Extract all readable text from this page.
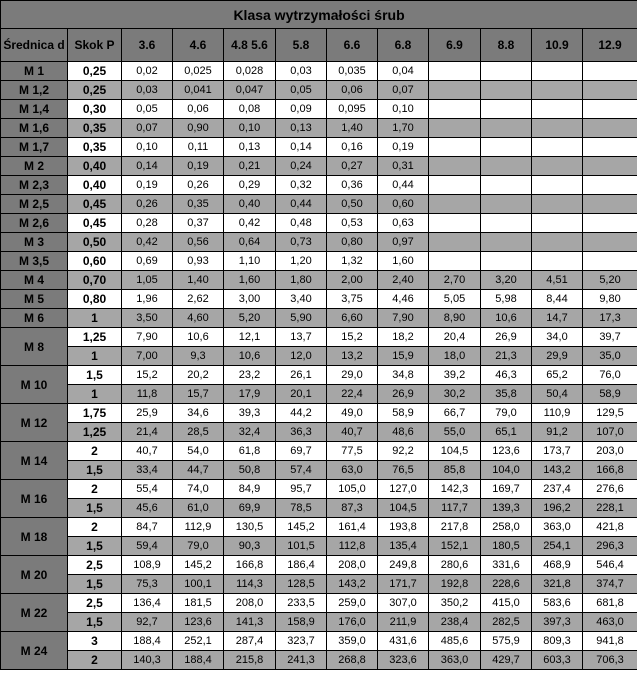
Klasa wytrzymałości śrub											
Średnica d	Skok P	3.6	4.6	4.8 5.6	5.8	6.6	6.8	6.9	8.8	10.9	12.9
M 1	0,25	0,02	0,025	0,028	0,03	0,035	0,04				
M 1,2	0,25	0,03	0,041	0,047	0,05	0,06	0,07				
M 1,4	0,30	0,05	0,06	0,08	0,09	0,095	0,10				
M 1,6	0,35	0,07	0,90	0,10	0,13	1,40	1,70				
M 1,7	0,35	0,10	0,11	0,13	0,14	0,16	0,19				
M 2	0,40	0,14	0,19	0,21	0,24	0,27	0,31				
M 2,3	0,40	0,19	0,26	0,29	0,32	0,36	0,44				
M 2,5	0,45	0,26	0,35	0,40	0,44	0,50	0,60				
M 2,6	0,45	0,28	0,37	0,42	0,48	0,53	0,63				
M 3	0,50	0,42	0,56	0,64	0,73	0,80	0,97				
M 3,5	0,60	0,69	0,93	1,10	1,20	1,32	1,60				
M 4	0,70	1,05	1,40	1,60	1,80	2,00	2,40	2,70	3,20	4,51	5,20
M 5	0,80	1,96	2,62	3,00	3,40	3,75	4,46	5,05	5,98	8,44	9,80
M 6	1	3,50	4,60	5,20	5,90	6,60	7,90	8,90	10,6	14,7	17,3
M 8	1,25	7,90	10,6	12,1	13,7	15,2	18,2	20,4	26,9	34,0	39,7
	1	7,00	9,3	10,6	12,0	13,2	15,9	18,0	21,3	29,9	35,0
M 10	1,5	15,2	20,2	23,2	26,1	29,0	34,8	39,2	46,3	65,2	76,0
	1	11,8	15,7	17,9	20,1	22,4	26,9	30,2	35,8	50,4	58,9
M 12	1,75	25,9	34,6	39,3	44,2	49,0	58,9	66,7	79,0	110,9	129,5
	1,25	21,4	28,5	32,4	36,3	40,7	48,6	55,0	65,1	91,2	107,0
M 14	2	40,7	54,0	61,8	69,7	77,5	92,2	104,5	123,6	173,7	203,0
	1,5	33,4	44,7	50,8	57,4	63,0	76,5	85,8	104,0	143,2	166,8
M 16	2	55,4	74,0	84,9	95,7	105,0	127,0	142,3	169,7	237,4	276,6
	1,5	45,6	61,0	69,9	78,5	87,3	104,5	117,7	139,3	196,2	228,1
M 18	2	84,7	112,9	130,5	145,2	161,4	193,8	217,8	258,0	363,0	421,8
	1,5	59,4	79,0	90,3	101,5	112,8	135,4	152,1	180,5	254,1	296,3
M 20	2,5	108,9	145,2	166,8	186,4	208,0	249,8	280,6	331,6	468,9	546,4
	1,5	75,3	100,1	114,3	128,5	143,2	171,7	192,8	228,6	321,8	374,7
M 22	2,5	136,4	181,5	208,0	233,5	259,0	307,0	350,2	415,0	583,6	681,8
	1,5	92,7	123,6	141,3	158,9	176,0	211,9	238,4	282,5	397,3	463,0
M 24	3	188,4	252,1	287,4	323,7	359,0	431,6	485,6	575,9	809,3	941,8
	2	140,3	188,4	215,8	241,3	268,8	323,6	363,0	429,7	603,3	706,3
